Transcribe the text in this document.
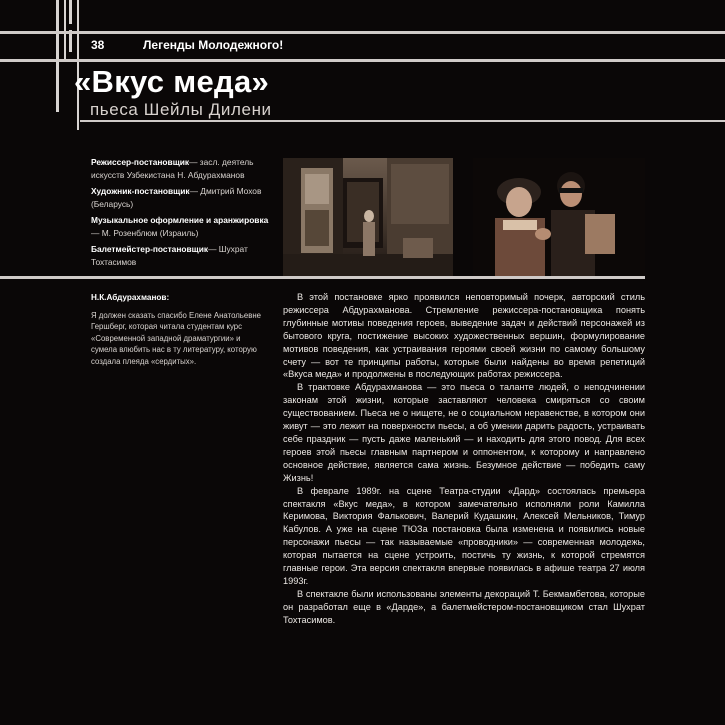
38	Легенды Молодежного!
«Вкус меда»
пьеса Шейлы Дилени

Режиссер-постановщик— засл. деятель искусств Узбекистана Н. Абдурахманов

Художник-постановщик— Дмитрий Мохов (Беларусь)

Музыкальное оформление и аранжировка— М. Розенблюм (Израиль)

Балетмейстер-постановщик— Шухрат Тохтасимов

Н.К.Абдурахманов:
Я должен сказать спасибо Елене Анатольевне Гершберг, которая читала студентам курс «Современной западной драматургии» и сумела влюбить нас в ту литературу, которую создала плеяда «сердитых».

В этой постановке ярко проявился неповторимый почерк, авторский стиль режиссера Абдурахманова. Стремление режиссера-постановщика понять глубинные мотивы поведения героев, выведение задач и действий персонажей из бытового круга, постижение высоких художественных вершин, формулирование мотивов поведения, как устраивания героями своей жизни по самому большому счету — вот те принципы работы, которые были найдены во время репетиций «Вкуса меда» и продолжены в последующих работах режиссера.

В трактовке Абдурахманова — это пьеса о таланте людей, о неподчинении законам этой жизни, которые заставляют человека смиряться со своим существованием. Пьеса не о нищете, не о социальном неравенстве, в котором они живут — это лежит на поверхности пьесы, а об умении дарить радость, устраивать себе праздник — пусть даже маленький — и находить для этого повод. Для всех героев этой пьесы главным партнером и оппонентом, к которому и направлено основное действие, является сама жизнь. Безумное действие — победить саму Жизнь!

В феврале 1989г. на сцене Театра-студии «Дард» состоялась премьера спектакля «Вкус меда», в котором замечательно исполняли роли Камилла Керимова, Виктория Фалькович, Валерий Кудашкин, Алексей Мельников, Тимур Кабулов. А уже на сцене ТЮЗа постановка была изменена и появились новые персонажи пьесы — так называемые «проводники» — современная молодежь, которая пытается на сцене устроить, постичь ту жизнь, к которой стремятся главные герои. Эта версия спектакля впервые появилась в афише театра 27 июля 1993г.

В спектакле были использованы элементы декораций Т. Бекмамбетова, которые он разработал еще в «Дарде», а балетмейстером-постановщиком стал Шухрат Тохтасимов.
